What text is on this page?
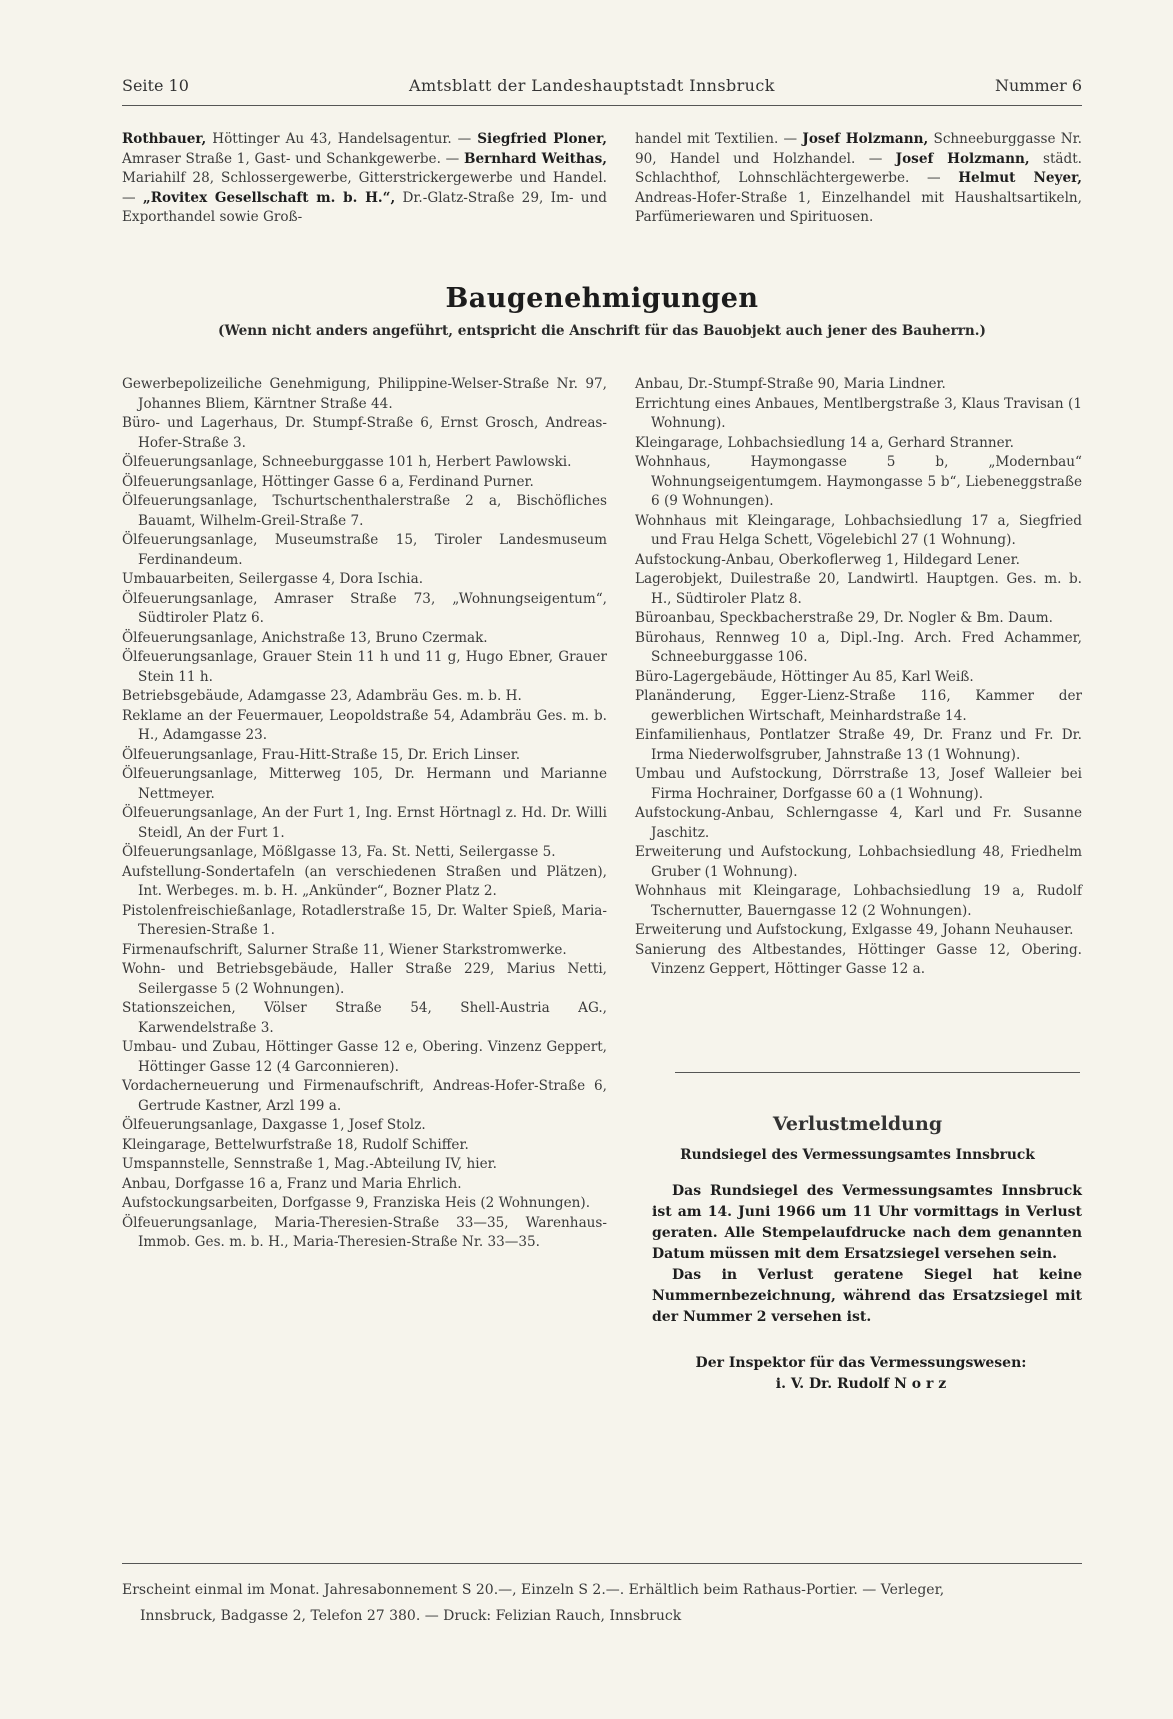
Seite 10	Amtsblatt der Landeshauptstadt Innsbruck	Nummer 6

Rothbauer, Höttinger Au 43, Handelsagentur. — Siegfried Ploner, Amraser Straße 1, Gast- und Schankgewerbe. — Bernhard Weithas, Mariahilf 28, Schlossergewerbe, Gitterstrickergewerbe und Handel. — „Rovitex Gesellschaft m. b. H.“, Dr.-Glatz-Straße 29, Im- und Exporthandel sowie Groß-

handel mit Textilien. — Josef Holzmann, Schneeburggasse Nr. 90, Handel und Holzhandel. — Josef Holzmann, städt. Schlachthof, Lohnschlächtergewerbe. — Helmut Neyer, Andreas-Hofer-Straße 1, Einzelhandel mit Haushaltsartikeln, Parfümeriewaren und Spirituosen.

Baugenehmigungen
(Wenn nicht anders angeführt, entspricht die Anschrift für das Bauobjekt auch jener des Bauherrn.)

Gewerbepolizeiliche Genehmigung, Philippine-Welser-Straße Nr. 97, Johannes Bliem, Kärntner Straße 44.

Büro- und Lagerhaus, Dr. Stumpf-Straße 6, Ernst Grosch, Andreas-Hofer-Straße 3.

Ölfeuerungsanlage, Schneeburggasse 101 h, Herbert Pawlowski.

Ölfeuerungsanlage, Höttinger Gasse 6 a, Ferdinand Purner.

Ölfeuerungsanlage, Tschurtschenthalerstraße 2 a, Bischöfliches Bauamt, Wilhelm-Greil-Straße 7.

Ölfeuerungsanlage, Museumstraße 15, Tiroler Landesmuseum Ferdinandeum.

Umbauarbeiten, Seilergasse 4, Dora Ischia.

Ölfeuerungsanlage, Amraser Straße 73, „Wohnungseigentum“, Südtiroler Platz 6.

Ölfeuerungsanlage, Anichstraße 13, Bruno Czermak.

Ölfeuerungsanlage, Grauer Stein 11 h und 11 g, Hugo Ebner, Grauer Stein 11 h.

Betriebsgebäude, Adamgasse 23, Adambräu Ges. m. b. H.

Reklame an der Feuermauer, Leopoldstraße 54, Adambräu Ges. m. b. H., Adamgasse 23.

Ölfeuerungsanlage, Frau-Hitt-Straße 15, Dr. Erich Linser.

Ölfeuerungsanlage, Mitterweg 105, Dr. Hermann und Marianne Nettmeyer.

Ölfeuerungsanlage, An der Furt 1, Ing. Ernst Hörtnagl z. Hd. Dr. Willi Steidl, An der Furt 1.

Ölfeuerungsanlage, Mößlgasse 13, Fa. St. Netti, Seilergasse 5.

Aufstellung-Sondertafeln (an verschiedenen Straßen und Plätzen), Int. Werbeges. m. b. H. „Ankünder“, Bozner Platz 2.

Pistolenfreischießanlage, Rotadlerstraße 15, Dr. Walter Spieß, Maria-Theresien-Straße 1.

Firmenaufschrift, Salurner Straße 11, Wiener Starkstromwerke.

Wohn- und Betriebsgebäude, Haller Straße 229, Marius Netti, Seilergasse 5 (2 Wohnungen).

Stationszeichen, Völser Straße 54, Shell-Austria AG., Karwendelstraße 3.

Umbau- und Zubau, Höttinger Gasse 12 e, Obering. Vinzenz Geppert, Höttinger Gasse 12 (4 Garconnieren).

Vordacherneuerung und Firmenaufschrift, Andreas-Hofer-Straße 6, Gertrude Kastner, Arzl 199 a.

Ölfeuerungsanlage, Daxgasse 1, Josef Stolz.

Kleingarage, Bettelwurfstraße 18, Rudolf Schiffer.

Umspannstelle, Sennstraße 1, Mag.-Abteilung IV, hier.

Anbau, Dorfgasse 16 a, Franz und Maria Ehrlich.

Aufstockungsarbeiten, Dorfgasse 9, Franziska Heis (2 Wohnungen).

Ölfeuerungsanlage, Maria-Theresien-Straße 33—35, Warenhaus-Immob. Ges. m. b. H., Maria-Theresien-Straße Nr. 33—35.

Anbau, Dr.-Stumpf-Straße 90, Maria Lindner.

Errichtung eines Anbaues, Mentlbergstraße 3, Klaus Travisan (1 Wohnung).

Kleingarage, Lohbachsiedlung 14 a, Gerhard Stranner.

Wohnhaus, Haymongasse 5 b, „Modernbau“ Wohnungseigentumgem. Haymongasse 5 b“, Liebeneggstraße 6 (9 Wohnungen).

Wohnhaus mit Kleingarage, Lohbachsiedlung 17 a, Siegfried und Frau Helga Schett, Vögelebichl 27 (1 Wohnung).

Aufstockung-Anbau, Oberkoflerweg 1, Hildegard Lener.

Lagerobjekt, Duilestraße 20, Landwirtl. Hauptgen. Ges. m. b. H., Südtiroler Platz 8.

Büroanbau, Speckbacherstraße 29, Dr. Nogler & Bm. Daum.

Bürohaus, Rennweg 10 a, Dipl.-Ing. Arch. Fred Achammer, Schneeburggasse 106.

Büro-Lagergebäude, Höttinger Au 85, Karl Weiß.

Planänderung, Egger-Lienz-Straße 116, Kammer der gewerblichen Wirtschaft, Meinhardstraße 14.

Einfamilienhaus, Pontlatzer Straße 49, Dr. Franz und Fr. Dr. Irma Niederwolfsgruber, Jahnstraße 13 (1 Wohnung).

Umbau und Aufstockung, Dörrstraße 13, Josef Walleier bei Firma Hochrainer, Dorfgasse 60 a (1 Wohnung).

Aufstockung-Anbau, Schlerngasse 4, Karl und Fr. Susanne Jaschitz.

Erweiterung und Aufstockung, Lohbachsiedlung 48, Friedhelm Gruber (1 Wohnung).

Wohnhaus mit Kleingarage, Lohbachsiedlung 19 a, Rudolf Tschernutter, Bauerngasse 12 (2 Wohnungen).

Erweiterung und Aufstockung, Exlgasse 49, Johann Neuhauser.

Sanierung des Altbestandes, Höttinger Gasse 12, Obering. Vinzenz Geppert, Höttinger Gasse 12 a.

Verlustmeldung
Rundsiegel des Vermessungsamtes Innsbruck

Das Rundsiegel des Vermessungsamtes Innsbruck ist am 14. Juni 1966 um 11 Uhr vormittags in Verlust geraten. Alle Stempelaufdrucke nach dem genannten Datum müssen mit dem Ersatzsiegel versehen sein.

Das in Verlust geratene Siegel hat keine Nummernbezeichnung, während das Ersatzsiegel mit der Nummer 2 versehen ist.

Der Inspektor für das Vermessungswesen:
i. V. Dr. Rudolf N o r z
Erscheint einmal im Monat. Jahresabonnement S 20.—, Einzeln S 2.—. Erhältlich beim Rathaus-Portier. — Verleger,
Innsbruck, Badgasse 2, Telefon 27 380. — Druck: Felizian Rauch, Innsbruck
